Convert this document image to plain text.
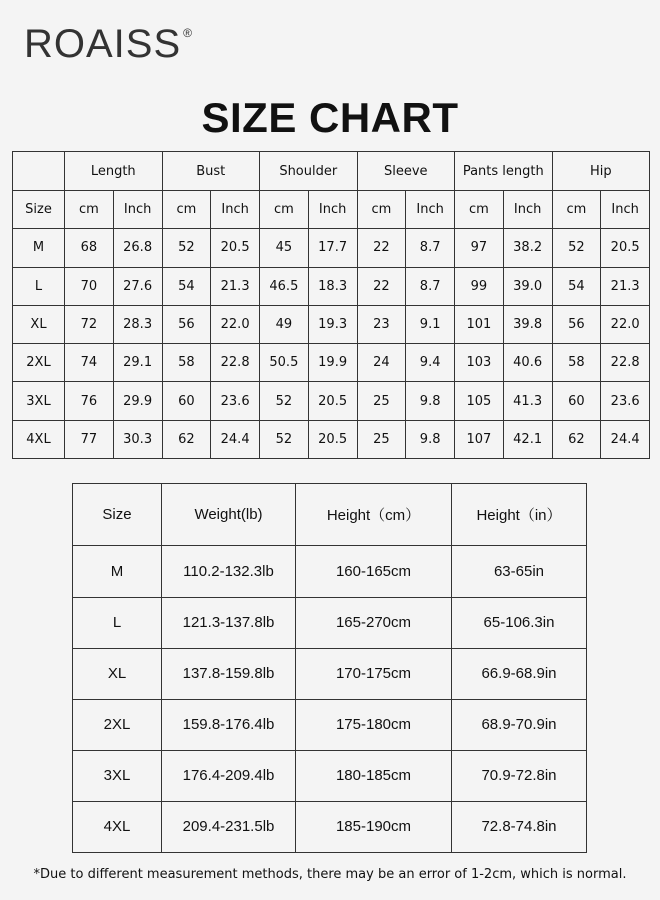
ROAISS ®
SIZE CHART
	Length		Bust		Shoulder		Sleeve		Pants length		Hip	
Size	cm	Inch	cm	Inch	cm	Inch	cm	Inch	cm	Inch	cm	Inch
M	68	26.8	52	20.5	45	17.7	22	8.7	97	38.2	52	20.5
L	70	27.6	54	21.3	46.5	18.3	22	8.7	99	39.0	54	21.3
XL	72	28.3	56	22.0	49	19.3	23	9.1	101	39.8	56	22.0
2XL	74	29.1	58	22.8	50.5	19.9	24	9.4	103	40.6	58	22.8
3XL	76	29.9	60	23.6	52	20.5	25	9.8	105	41.3	60	23.6
4XL	77	30.3	62	24.4	52	20.5	25	9.8	107	42.1	62	24.4
Size	Weight(lb)	Height（cm）	Height（in）
M	110.2-132.3lb	160-165cm	63-65in
L	121.3-137.8lb	165-270cm	65-106.3in
XL	137.8-159.8lb	170-175cm	66.9-68.9in
2XL	159.8-176.4lb	175-180cm	68.9-70.9in
3XL	176.4-209.4lb	180-185cm	70.9-72.8in
4XL	209.4-231.5lb	185-190cm	72.8-74.8in
*Due to different measurement methods, there may be an error of 1-2cm, which is normal.
